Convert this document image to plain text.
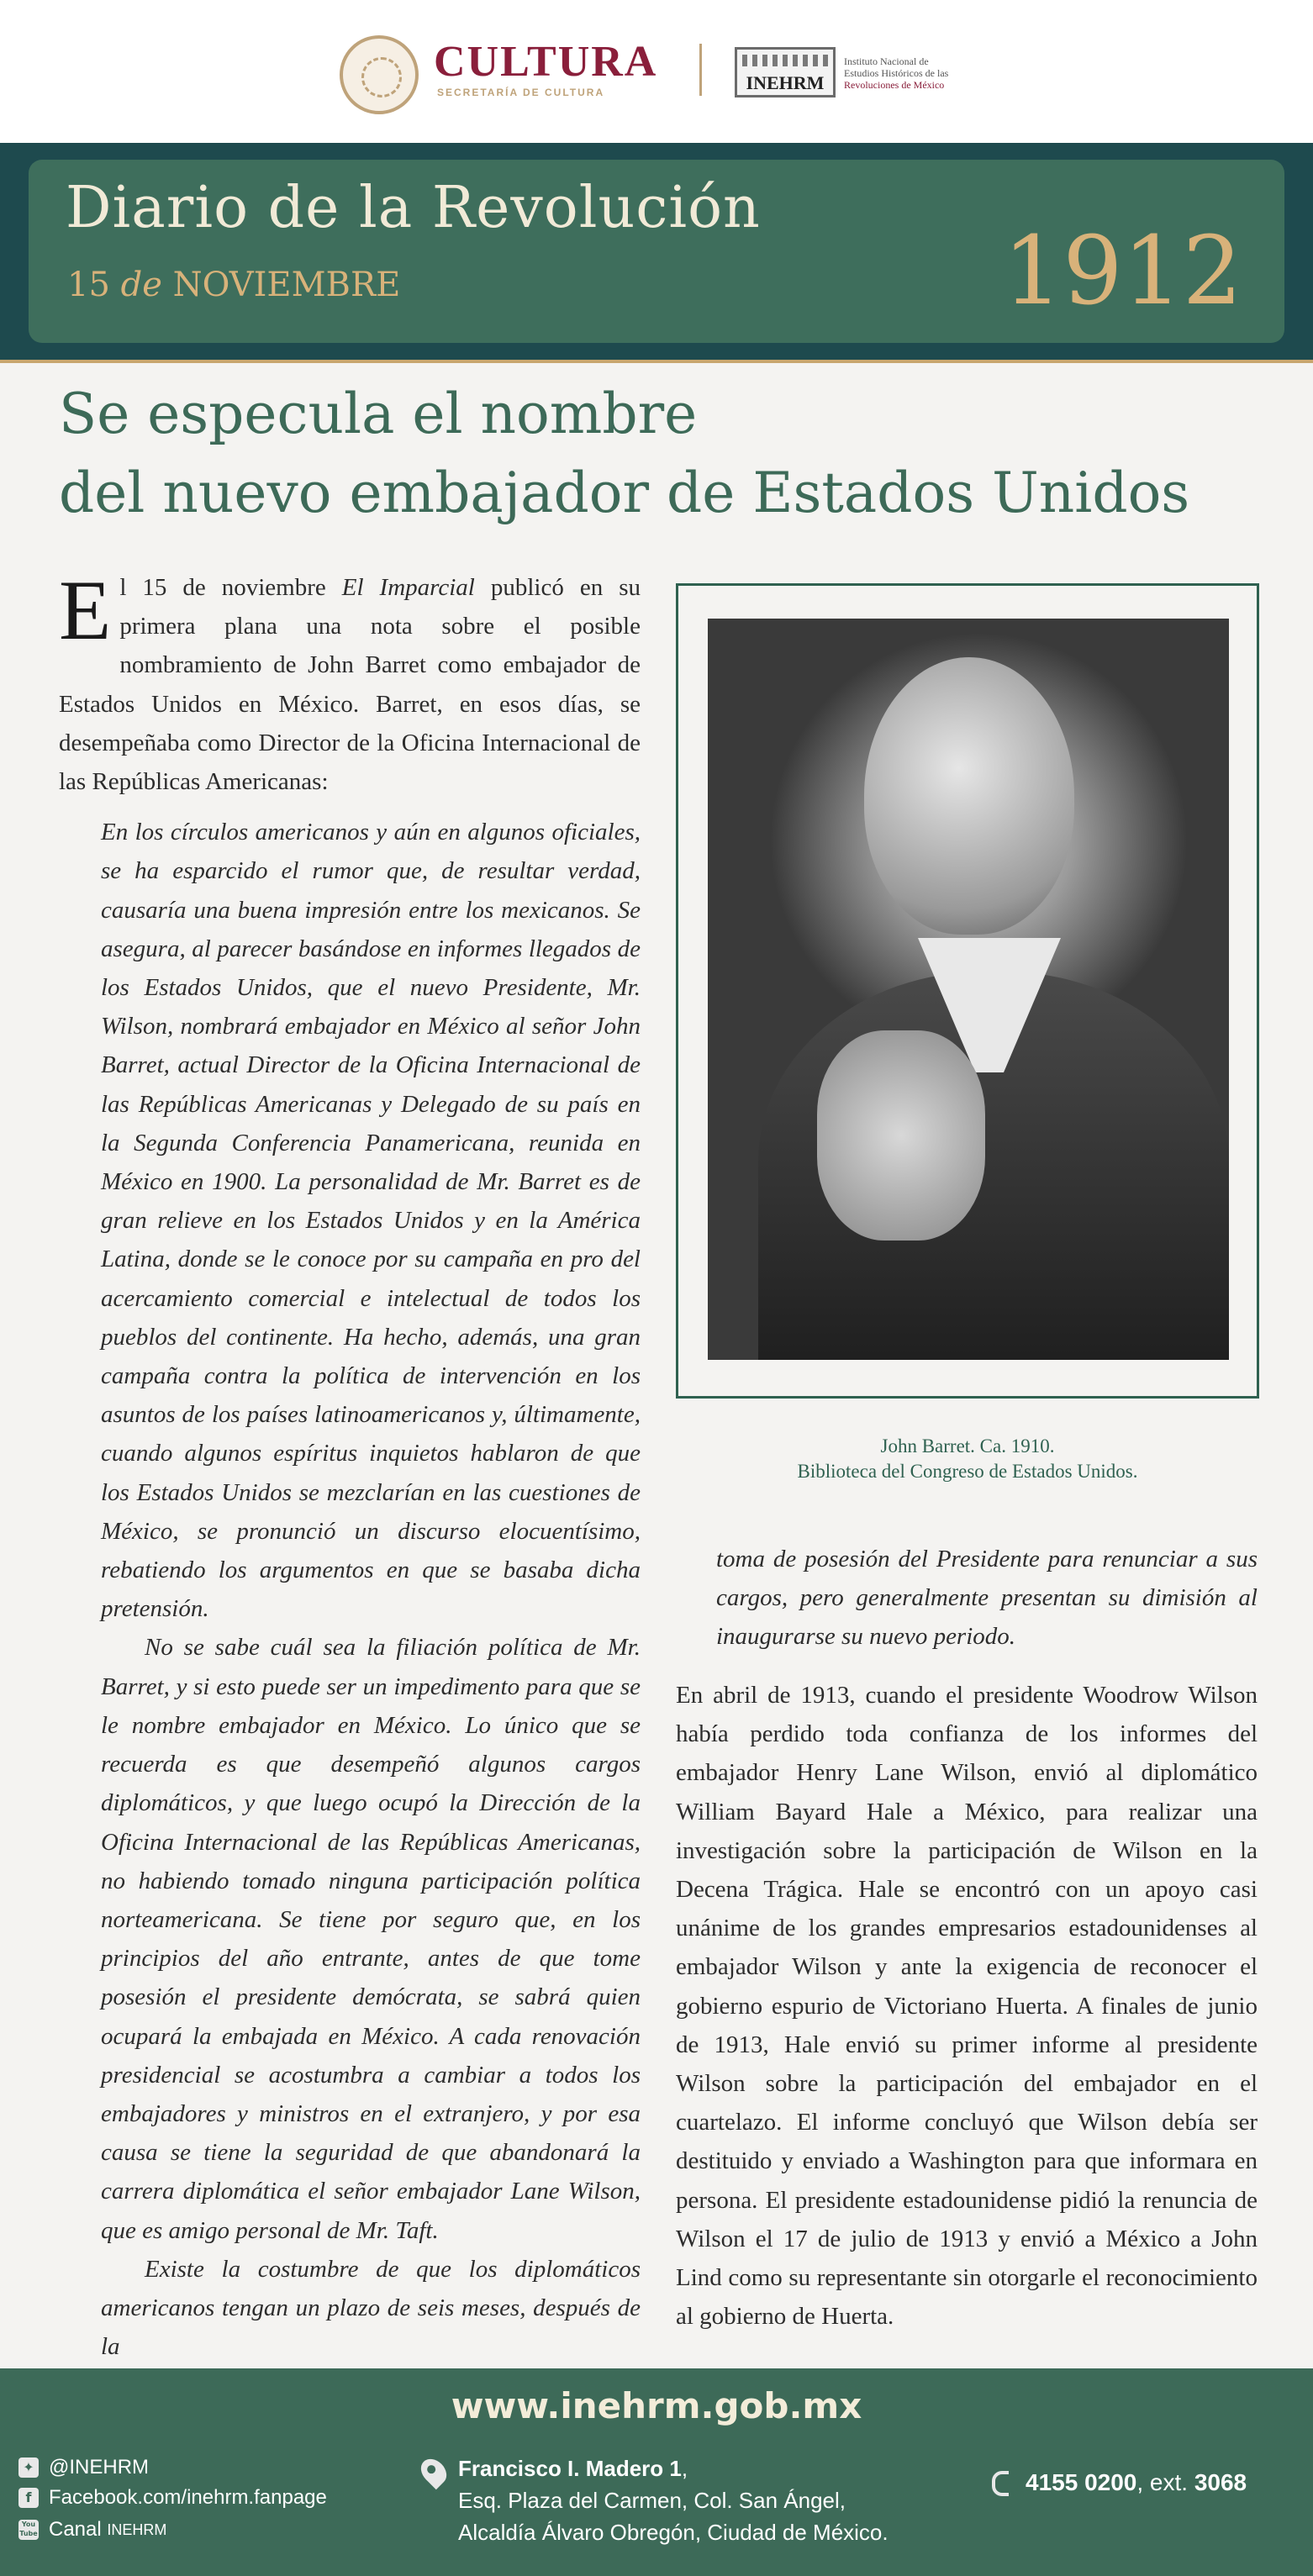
CULTURA
SECRETARÍA DE CULTURA	INEHRM
Instituto Nacional de
Estudios Históricos de las
Revoluciones de México
Diario de la Revolución
15 de NOVIEMBRE	1912
Se especula el nombre
del nuevo embajador de Estados Unidos

El 15 de noviembre El Imparcial publicó en su primera plana una nota sobre el posible nombramiento de John Barret como embajador de Estados Unidos en México. Barret, en esos días, se desempeñaba como Director de la Oficina Internacional de las Repúblicas Americanas:

En los círculos americanos y aún en algunos oficiales, se ha esparcido el rumor que, de resultar verdad, causaría una buena impresión entre los mexicanos. Se asegura, al parecer basándose en informes llegados de los Estados Unidos, que el nuevo Presidente, Mr. Wilson, nombrará embajador en México al señor John Barret, actual Director de la Oficina Internacional de las Repúblicas Americanas y Delegado de su país en la Segunda Conferencia Panamericana, reunida en México en 1900. La personalidad de Mr. Barret es de gran relieve en los Estados Unidos y en la América Latina, donde se le conoce por su campaña en pro del acercamiento comercial e intelectual de todos los pueblos del continente. Ha hecho, además, una gran campaña contra la política de intervención en los asuntos de los países latinoamericanos y, últimamente, cuando algunos espíritus inquietos hablaron de que los Estados Unidos se mezclarían en las cuestiones de México, se pronunció un discurso elocuentísimo, rebatiendo los argumentos en que se basaba dicha pretensión.

No se sabe cuál sea la filiación política de Mr. Barret, y si esto puede ser un impedimento para que se le nombre embajador en México. Lo único que se recuerda es que desempeñó algunos cargos diplomáticos, y que luego ocupó la Dirección de la Oficina Internacional de las Repúblicas Americanas, no habiendo tomado ninguna participación política norteamericana. Se tiene por seguro que, en los principios del año entrante, antes de que tome posesión el presidente demócrata, se sabrá quien ocupará la embajada en México. A cada renovación presidencial se acostumbra a cambiar a todos los embajadores y ministros en el extranjero, y por esa causa se tiene la seguridad de que abandonará la carrera diplomática el señor embajador Lane Wilson, que es amigo personal de Mr. Taft.

Existe la costumbre de que los diplomáticos americanos tengan un plazo de seis meses, después de la

John Barret. Ca. 1910.
Biblioteca del Congreso de Estados Unidos.
toma de posesión del Presidente para renunciar a sus cargos, pero generalmente presentan su dimisión al inaugurarse su nuevo periodo.
En abril de 1913, cuando el presidente Woodrow Wilson había perdido toda confianza de los informes del embajador Henry Lane Wilson, envió al diplomático William Bayard Hale a México, para realizar una investigación sobre la participación de Wilson en la Decena Trágica. Hale se encontró con un apoyo casi unánime de los grandes empresarios estadounidenses al embajador Wilson y ante la exigencia de reconocer el gobierno espurio de Victoriano Huerta. A finales de junio de 1913, Hale envió su primer informe al presidente Wilson sobre la participación del embajador en el cuartelazo. El informe concluyó que Wilson debía ser destituido y enviado a Washington para que informara en persona. El presidente estadounidense pidió la renuncia de Wilson el 17 de julio de 1913 y envió a México a John Lind como su representante sin otorgarle el reconocimiento al gobierno de Huerta.
www.inehrm.gob.mx
✦ @INEHRM
f Facebook.com/inehrm.fanpage
You Tube Canal
INEHRM
Francisco I. Madero 1,
Esq. Plaza del Carmen, Col. San Ángel,
Alcaldía Álvaro Obregón, Ciudad de México.
4155 0200, ext. 3068
